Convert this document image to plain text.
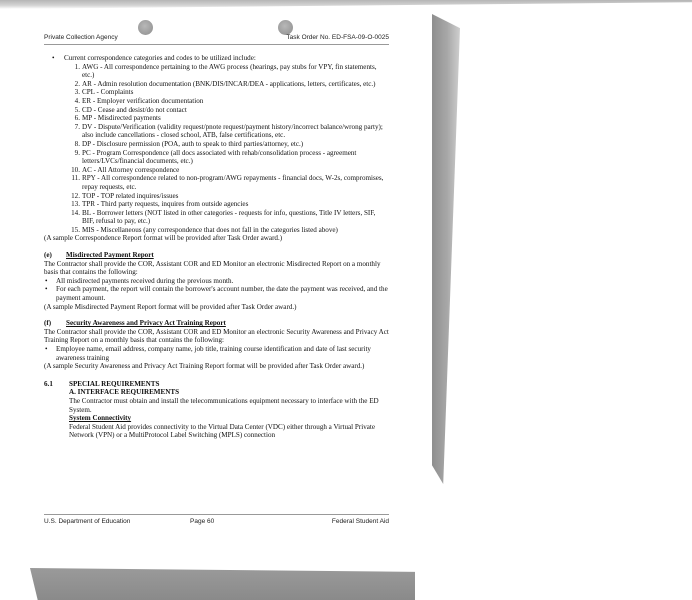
Private Collection Agency	Task Order No. ED-FSA-09-O-0025
• Current correspondence categories and codes to be utilized include:
1. AWG - All correspondence pertaining to the AWG process (hearings, pay stubs for VPY, fin statements, etc.)
2. AR - Admin resolution documentation (BNK/DIS/INCAR/DEA - applications, letters, certificates, etc.)
3. CPL - Complaints
4. ER - Employer verification documentation
5. CD - Cease and desist/do not contact
6. MP - Misdirected payments
7. DV - Dispute/Verification (validity request/pnote request/payment history/incorrect balance/wrong party); also include cancellations - closed school, ATB, false certifications, etc.
8. DP - Disclosure permission (POA, auth to speak to third parties/attorney, etc.)
9. PC - Program Correspondence (all docs associated with rehab/consolidation process - agreement letters/LVCs/financial documents, etc.)
10. AC - All Attorney correspondence
11. RPY - All correspondence related to non-program/AWG repayments - financial docs, W-2s, compromises, repay requests, etc.
12. TOP - TOP related inquires/issues
13. TPR - Third party requests, inquires from outside agencies
14. BL - Borrower letters (NOT listed in other categories - requests for info, questions, Title IV letters, SIF, BIF, refusal to pay, etc.)
15. MIS - Miscellaneous (any correspondence that does not fall in the categories listed above)
(A sample Correspondence Report format will be provided after Task Order award.)
(e) Misdirected Payment Report
The Contractor shall provide the COR, Assistant COR and ED Monitor an electronic Misdirected Report on a monthly basis that contains the following:
• All misdirected payments received during the previous month.
• For each payment, the report will contain the borrower's account number, the date the payment was received, and the payment amount.
(A sample Misdirected Payment Report format will be provided after Task Order award.)
(f) Security Awareness and Privacy Act Training Report
The Contractor shall provide the COR, Assistant COR and ED Monitor an electronic Security Awareness and Privacy Act Training Report on a monthly basis that contains the following:
• Employee name, email address, company name, job title, training course identification and date of last security awareness training
(A sample Security Awareness and Privacy Act Training Report format will be provided after Task Order award.)
6.1 SPECIAL REQUIREMENTS
A. INTERFACE REQUIREMENTS
The Contractor must obtain and install the telecommunications equipment necessary to interface with the ED System.
System Connectivity
Federal Student Aid provides connectivity to the Virtual Data Center (VDC) either through a Virtual Private Network (VPN) or a MultiProtocol Label Switching (MPLS) connection
U.S. Department of Education	Page 60	Federal Student Aid
